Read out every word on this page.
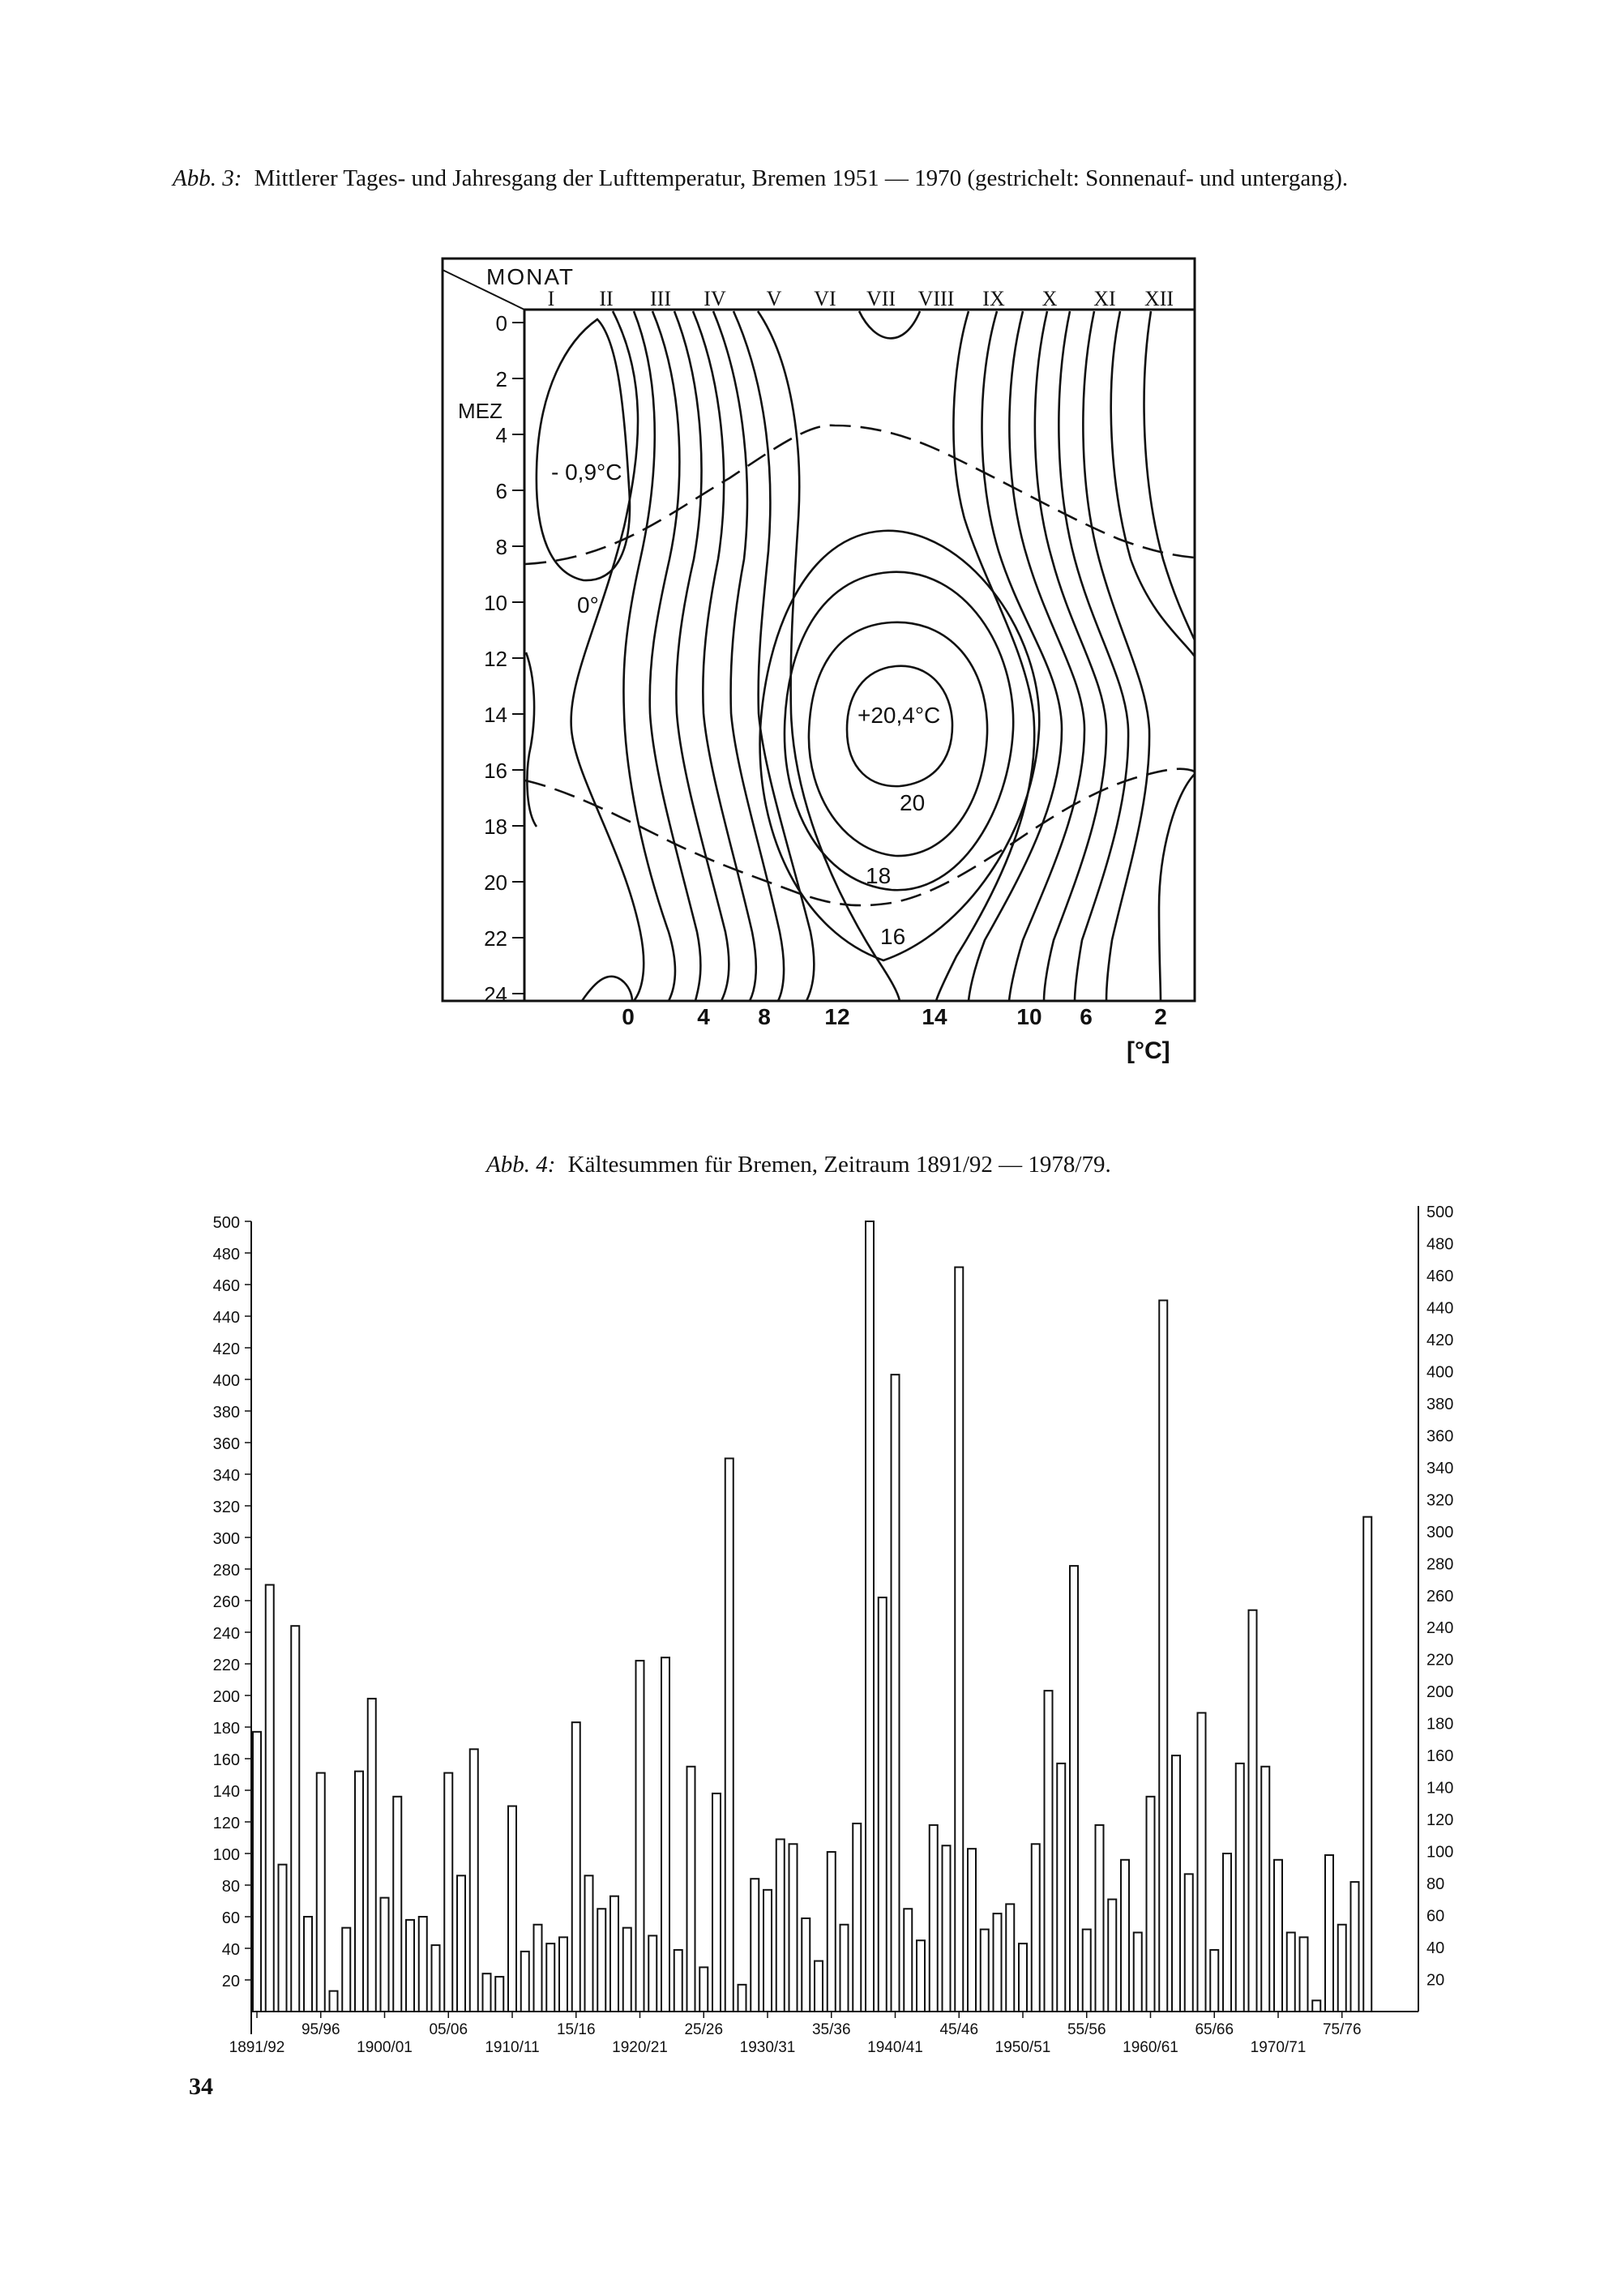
Abb. 3: Mittlerer Tages- und Jahresgang der Lufttemperatur, Bremen 1951 — 1970 (gestrichelt: Sonnenauf- und untergang).
MONAT
MEZ
I II III IV V VI VII VIII IX X XI XII
0
2
4
6
8
10
12
14
16
18
20
22
24
- 0,9°C
0°
+20,4°C
20
18
16
0	4 8 12	14	10 6	2
[°C]
Abb. 4: Kältesummen für Bremen, Zeitraum 1891/92 — 1978/79.
20
40
60
80
100
120
140
160
180
200
220
240
260
280
300
320
340
360
380
400
420
440
460
480
500
20
40
60
80
100
120
140
160
180
200
220
240
260
280
300
320
340
360
380
400
420
440
460
480
500
1891/92
95/96
1900/01
05/06
1910/11
15/16
1920/21
25/26
1930/31
35/36
1940/41
45/46
1950/51
55/56
1960/61
65/66
1970/71
75/76
34
